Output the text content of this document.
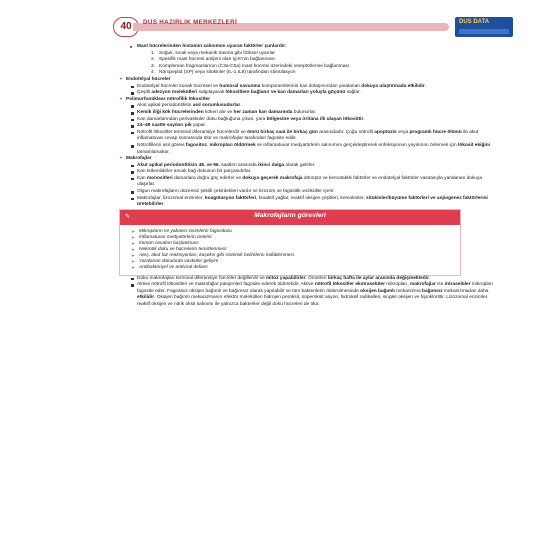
40	DUS HAZIRLIK MERKEZLERİ	DUS DATA
■ Mast hücrelerinden histamin salınımını uyaran faktörler şunlardır:
1. Soğuk, sıcak veya mekanik travma gibi fiziksel uyarılar
2. Spesifik mast hücresi antijeni olan Ig-E'nin bağlanması
3. Kompleman fragmanlarının (C3a-C5a) mast hücresi üzerindeki reseptörlerine bağlanması
4. Nöropeptid (SP) veya sitokinler (IL-1,IL8) tarafından stimülasyon
➢ Endotelyal hücreler
Endotelyal hücreler konak hücresel ve humoral savunma komponentlerinin kan dolaşımından yaralanan dokuya ulaştırmada etkilidir.
Çeşitli adezyon molekülleri salgılayarak lökositlere bağlanır ve kan damarları yoluyla göçünü sağlar.
➢ Polimorfonüklear nötrofilik lökositler
Akut apikal periodontitisin asıl sorumlusudurlar.
Kemik iliği kök hücrelerinden köken alır ve her zaman kan damarında bulunurlar.
Kan damarlarından perivasküler doku bağluğuna çıkan, yara bölgesine veya irritana ilk ulaşan lökosittir.
24–48 saatte sayıları pik yapar.
Nötrofil lökositler terminal diferansiye hücrelerdir ve ömrü birkaç saat ile birkaç gün arasındadır. Çoğu nötrofil apoptozis veya programlı hücre ölümü ile akut inflamatuvar cevap sonrasında ölür ve makrofajlar tarafından fagosite edilir.
Nötrofillerin asıl görevi fagositoz, mikropları öldürmek ve inflamatuvar medyatörlerin salınımını gerçekleştirerek enfeksiyonun yayılımını önlemek için lökosit ekiğini tamamlamaktır.
➢ Makrofajlar
Akut apikal periodontitisin 48. ve 96. saatleri arasında ikinci dalga olarak gelirler.
Kan kökenlidirler ancak bağ dokunun bir parçasıdırlar.
Kan monositleri damarlara doğru göç ederler ve dokuya geçerek makrofaja dönüşür ve kemotaktik faktörler ve endotelyal faktörler vasıtasıyla yaralanan dokuya ulaşırlar.
Olgun makrofajların düzensiz şekilli çekirdekleri vardır ve lizozom ve fagositik veziküller içerir.
Makrofajlar, lizozomal enzimler, koagülasyon faktörleri, bioaktif yağlar, reaktif oksijen çeşitleri, kemokinler, sitokinler/büyüme faktörleri ve anjiogenez faktörlerini üretebilirler.
✎	Makrofajların görevleri
➢ Mikropların ve yabancı cisimlerin fagositozu
➢ İnflamatuvar medyatörlerin üretimi
➢ İmmün cevabın başlatılması
➢ Nekrotik doku ve hücrelerin temizlenmesi
➢ Ateş, akut faz reaksiyonları, kaşeksi gibi sistemik belirtilerin indüklenmesi
➢ Yaralanan dokularda vasküler gelişim
➢ Antibakteriyel ve antiviral defans
Doku makrofajları terminal diferansiye hücreler değillerdir ve mitoz yapabilirler. Ömürleri birkaç hafta ile aylar arasında değişmektedir.
Aktive nötrofil lökositleri ve makrofajlar patojenleri fagosite ederek öldürebilir. Aktive nötrofil lökositler ekstraselüler mikropları, makrofajlar ise intraselüler mikropları fagosite eder. Fagositoz oksijen bağımlı ve bağımsız olarak yapılabilir ve tüm bakterilerin öldürülmesinde oksijen bağımlı mekanizma bağımsız mekanizmadan daha etkilidir. Oksijen bağımlı mekanizmanın efektör molekülleri hidrojen peroksit, süperoksit anyon, hidroksil radikalleri, singlet oksijen ve hipoklorittir. Lizozomal enzimler, reaktif oksijen ve nitrik oksit salınımı ile yalnızca bakteriler değil doku hücreleri de ölür.
